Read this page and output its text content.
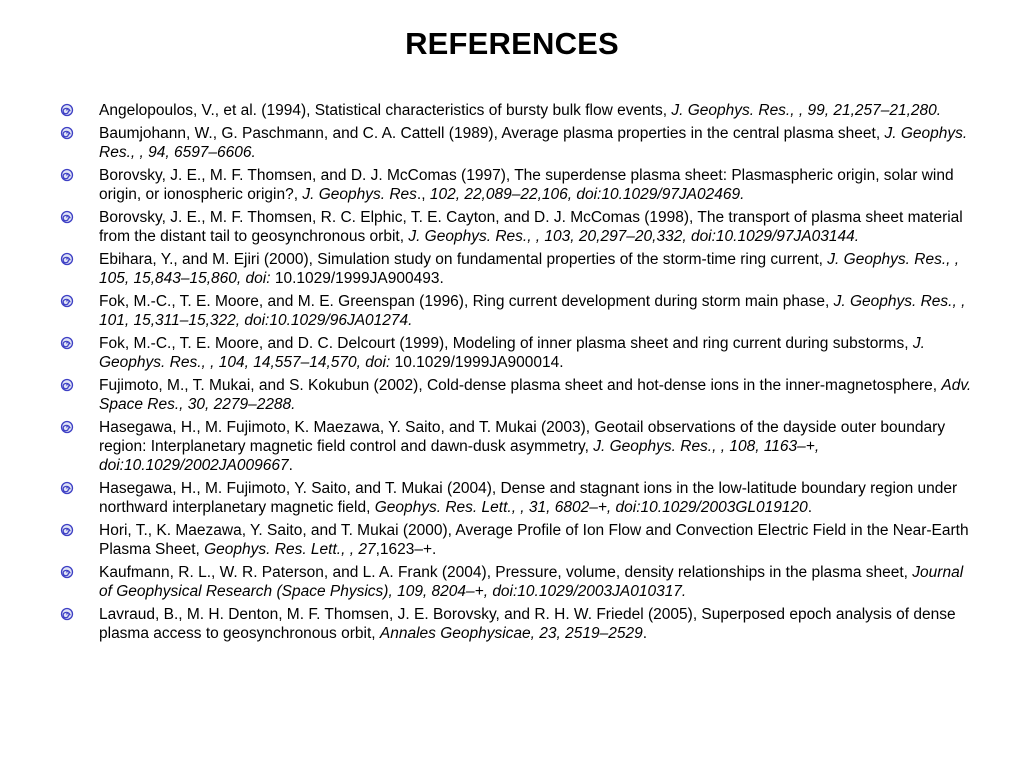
REFERENCES
Angelopoulos, V., et al. (1994), Statistical characteristics of bursty bulk flow events, J. Geophys. Res., , 99, 21,257–21,280.
Baumjohann, W., G. Paschmann, and C. A. Cattell (1989), Average plasma properties in the central plasma sheet, J. Geophys. Res., , 94, 6597–6606.
Borovsky, J. E., M. F. Thomsen, and D. J. McComas (1997), The superdense plasma sheet: Plasmaspheric origin, solar wind origin, or ionospheric origin?, J. Geophys. Res., 102, 22,089–22,106, doi:10.1029/97JA02469.
Borovsky, J. E., M. F. Thomsen, R. C. Elphic, T. E. Cayton, and D. J. McComas (1998), The transport of plasma sheet material from the distant tail to geosynchronous orbit, J. Geophys. Res., , 103, 20,297–20,332, doi:10.1029/97JA03144.
Ebihara, Y., and M. Ejiri (2000), Simulation study on fundamental properties of the storm-time ring current, J. Geophys. Res., , 105, 15,843–15,860, doi: 10.1029/1999JA900493.
Fok, M.-C., T. E. Moore, and M. E. Greenspan (1996), Ring current development during storm main phase, J. Geophys. Res., , 101, 15,311–15,322, doi:10.1029/96JA01274.
Fok, M.-C., T. E. Moore, and D. C. Delcourt (1999), Modeling of inner plasma sheet and ring current during substorms, J. Geophys. Res., , 104, 14,557–14,570, doi: 10.1029/1999JA900014.
Fujimoto, M., T. Mukai, and S. Kokubun (2002), Cold-dense plasma sheet and hot-dense ions in the inner-magnetosphere, Adv. Space Res., 30, 2279–2288.
Hasegawa, H., M. Fujimoto, K. Maezawa, Y. Saito, and T. Mukai (2003), Geotail observations of the dayside outer boundary region: Interplanetary magnetic field control and dawn-dusk asymmetry, J. Geophys. Res., , 108, 1163–+, doi:10.1029/2002JA009667.
Hasegawa, H., M. Fujimoto, Y. Saito, and T. Mukai (2004), Dense and stagnant ions in the low-latitude boundary region under northward interplanetary magnetic field, Geophys. Res. Lett., , 31, 6802–+, doi:10.1029/2003GL019120.
Hori, T., K. Maezawa, Y. Saito, and T. Mukai (2000), Average Profile of Ion Flow and Convection Electric Field in the Near-Earth Plasma Sheet, Geophys. Res. Lett., , 27,1623–+.
Kaufmann, R. L., W. R. Paterson, and L. A. Frank (2004), Pressure, volume, density relationships in the plasma sheet, Journal of Geophysical Research (Space Physics), 109, 8204–+, doi:10.1029/2003JA010317.
Lavraud, B., M. H. Denton, M. F. Thomsen, J. E. Borovsky, and R. H. W. Friedel (2005), Superposed epoch analysis of dense plasma access to geosynchronous orbit, Annales Geophysicae, 23, 2519–2529.
